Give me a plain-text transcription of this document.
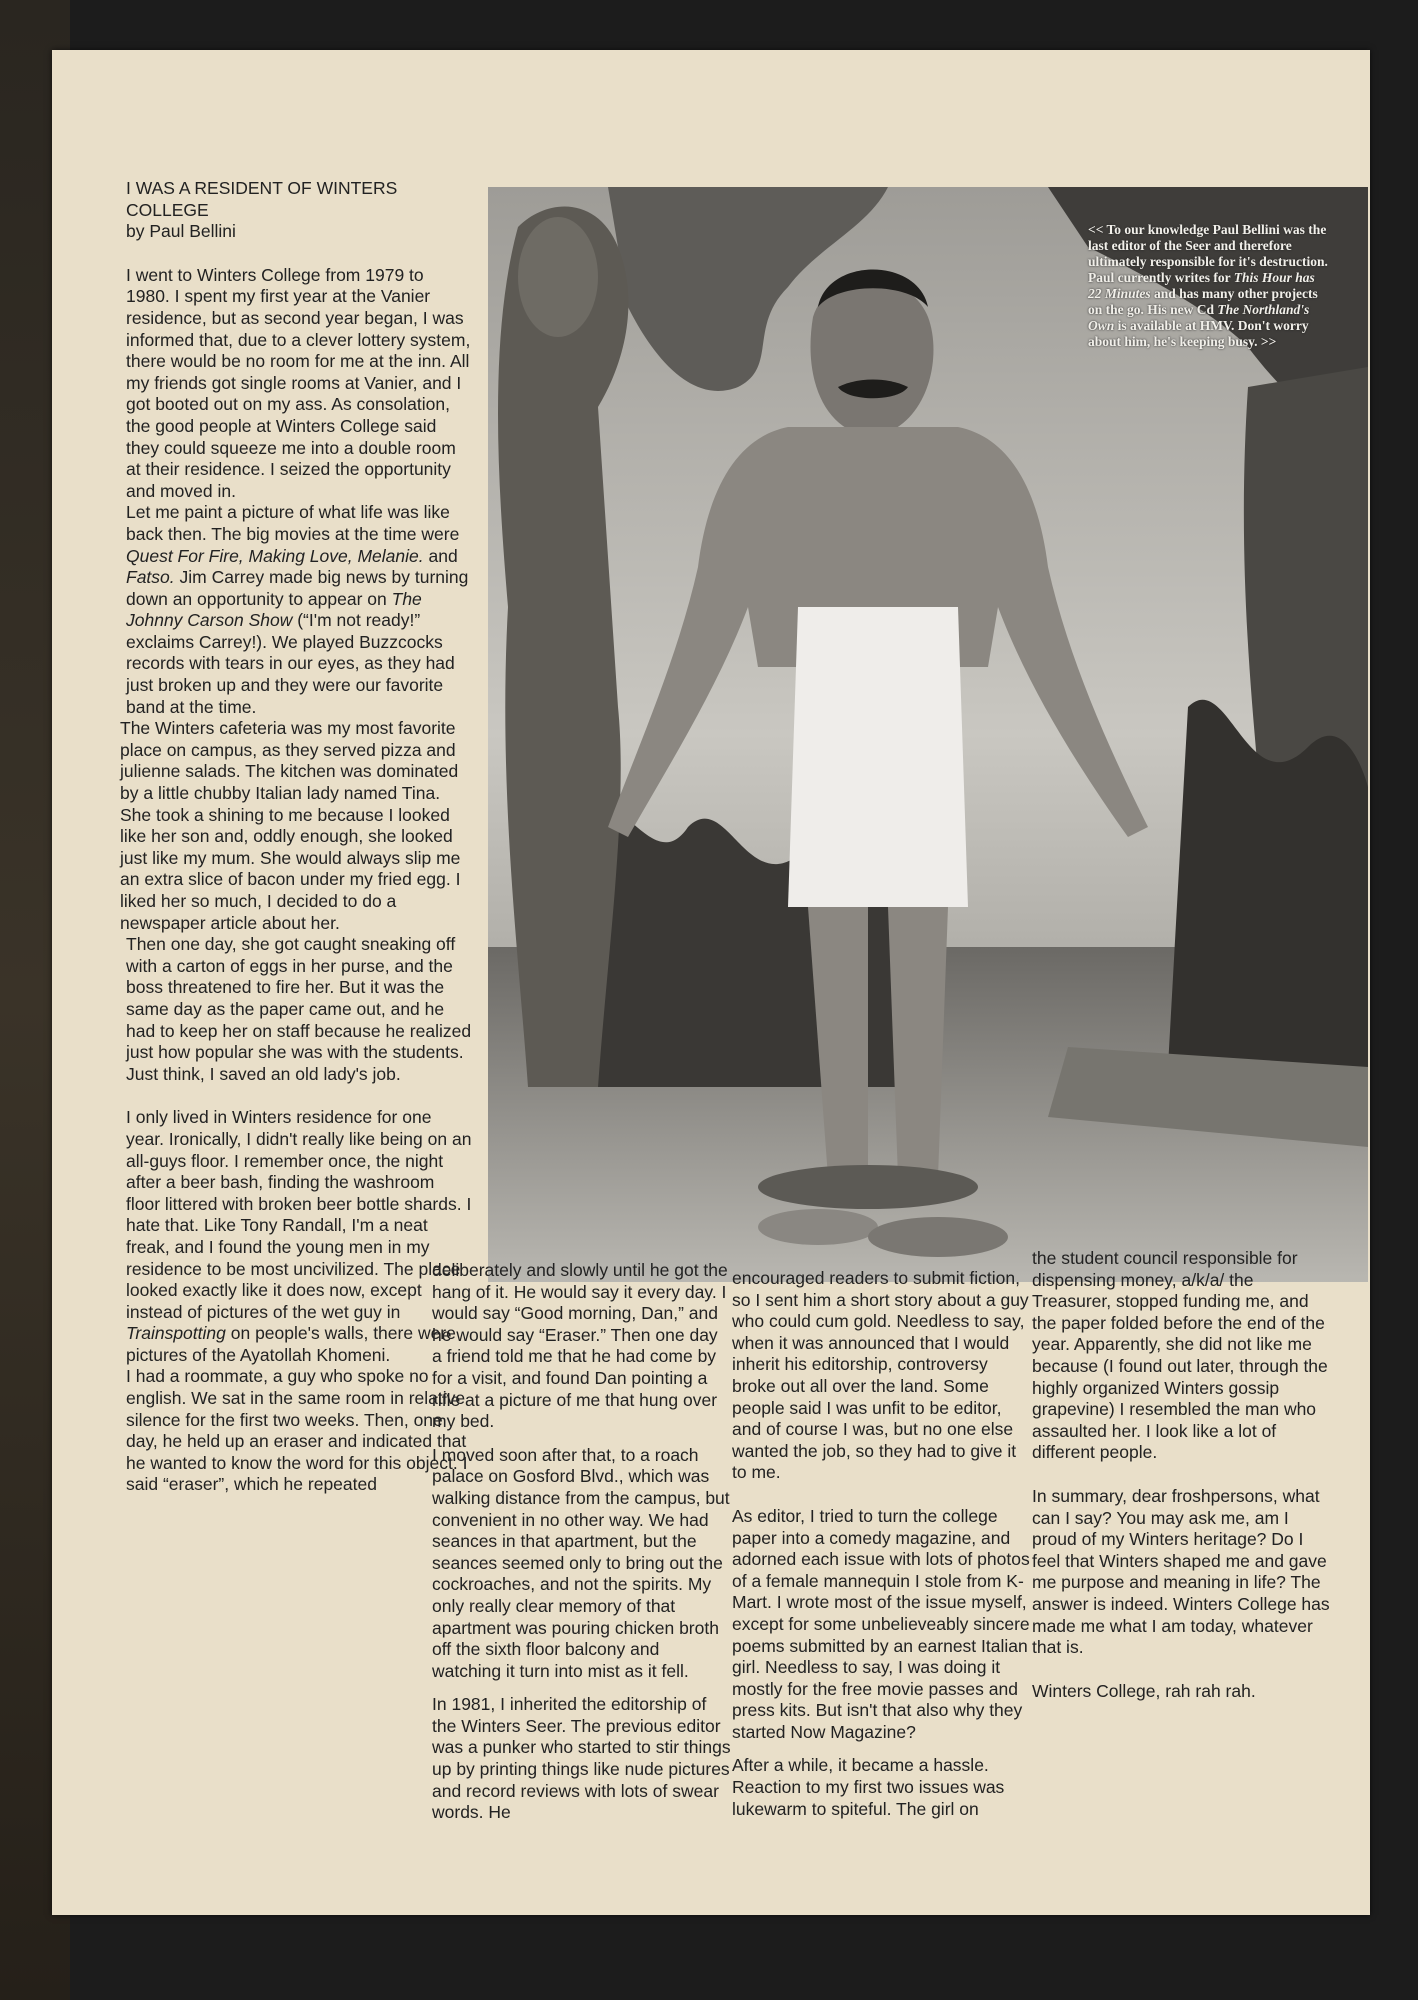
I WAS A RESIDENT OF WINTERS COLLEGE

by Paul Bellini

I went to Winters College from 1979 to 1980. I spent my first year at the Vanier residence, but as second year began, I was informed that, due to a clever lottery system, there would be no room for me at the inn. All my friends got single rooms at Vanier, and I got booted out on my ass. As consolation, the good people at Winters College said they could squeeze me into a double room at their residence. I seized the opportunity and moved in.

Let me paint a picture of what life was like back then. The big movies at the time were Quest For Fire, Making Love, Melanie. and Fatso. Jim Carrey made big news by turning down an opportunity to appear on The Johnny Carson Show (“I'm not ready!” exclaims Carrey!). We played Buzzcocks records with tears in our eyes, as they had just broken up and they were our favorite band at the time.

The Winters cafeteria was my most favorite place on campus, as they served pizza and julienne salads. The kitchen was dominated by a little chubby Italian lady named Tina. She took a shining to me because I looked like her son and, oddly enough, she looked just like my mum. She would always slip me an extra slice of bacon under my fried egg. I liked her so much, I decided to do a newspaper article about her.

Then one day, she got caught sneaking off with a carton of eggs in her purse, and the boss threatened to fire her. But it was the same day as the paper came out, and he had to keep her on staff because he realized just how popular she was with the students. Just think, I saved an old lady's job.

I only lived in Winters residence for one year. Ironically, I didn't really like being on an all-guys floor. I remember once, the night after a beer bash, finding the washroom floor littered with broken beer bottle shards. I hate that. Like Tony Randall, I'm a neat freak, and I found the young men in my residence to be most uncivilized. The place looked exactly like it does now, except instead of pictures of the wet guy in Trainspotting on people's walls, there were pictures of the Ayatollah Khomeni.

I had a roommate, a guy who spoke no english. We sat in the same room in relative silence for the first two weeks. Then, one day, he held up an eraser and indicated that he wanted to know the word for this object. I said “eraser”, which he repeated

<< To our knowledge Paul Bellini was the last editor of the Seer and therefore ultimately responsible for it's destruction. Paul currently writes for This Hour has 22 Minutes and has many other projects on the go. His new Cd The Northland's Own is available at HMV. Don't worry about him, he's keeping busy. >>

deliberately and slowly until he got the hang of it. He would say it every day. I would say “Good morning, Dan,” and he would say “Eraser.” Then one day a friend told me that he had come by for a visit, and found Dan pointing a rifle at a picture of me that hung over my bed.

I moved soon after that, to a roach palace on Gosford Blvd., which was walking distance from the campus, but convenient in no other way. We had seances in that apartment, but the seances seemed only to bring out the cockroaches, and not the spirits. My only really clear memory of that apartment was pouring chicken broth off the sixth floor balcony and watching it turn into mist as it fell.

In 1981, I inherited the editorship of the Winters Seer. The previous editor was a punker who started to stir things up by printing things like nude pictures and record reviews with lots of swear words. He

encouraged readers to submit fiction, so I sent him a short story about a guy who could cum gold. Needless to say, when it was announced that I would inherit his editorship, controversy broke out all over the land. Some people said I was unfit to be editor, and of course I was, but no one else wanted the job, so they had to give it to me.

As editor, I tried to turn the college paper into a comedy magazine, and adorned each issue with lots of photos of a female mannequin I stole from K-Mart. I wrote most of the issue myself, except for some unbelieveably sincere poems submitted by an earnest Italian girl. Needless to say, I was doing it mostly for the free movie passes and press kits. But isn't that also why they started Now Magazine?

After a while, it became a hassle. Reaction to my first two issues was lukewarm to spiteful. The girl on

the student council responsible for dispensing money, a/k/a/ the Treasurer, stopped funding me, and the paper folded before the end of the year. Apparently, she did not like me because (I found out later, through the highly organized Winters gossip grapevine) I resembled the man who assaulted her. I look like a lot of different people.

In summary, dear froshpersons, what can I say? You may ask me, am I proud of my Winters heritage? Do I feel that Winters shaped me and gave me purpose and meaning in life? The answer is indeed. Winters College has made me what I am today, whatever that is.

Winters College, rah rah rah.
